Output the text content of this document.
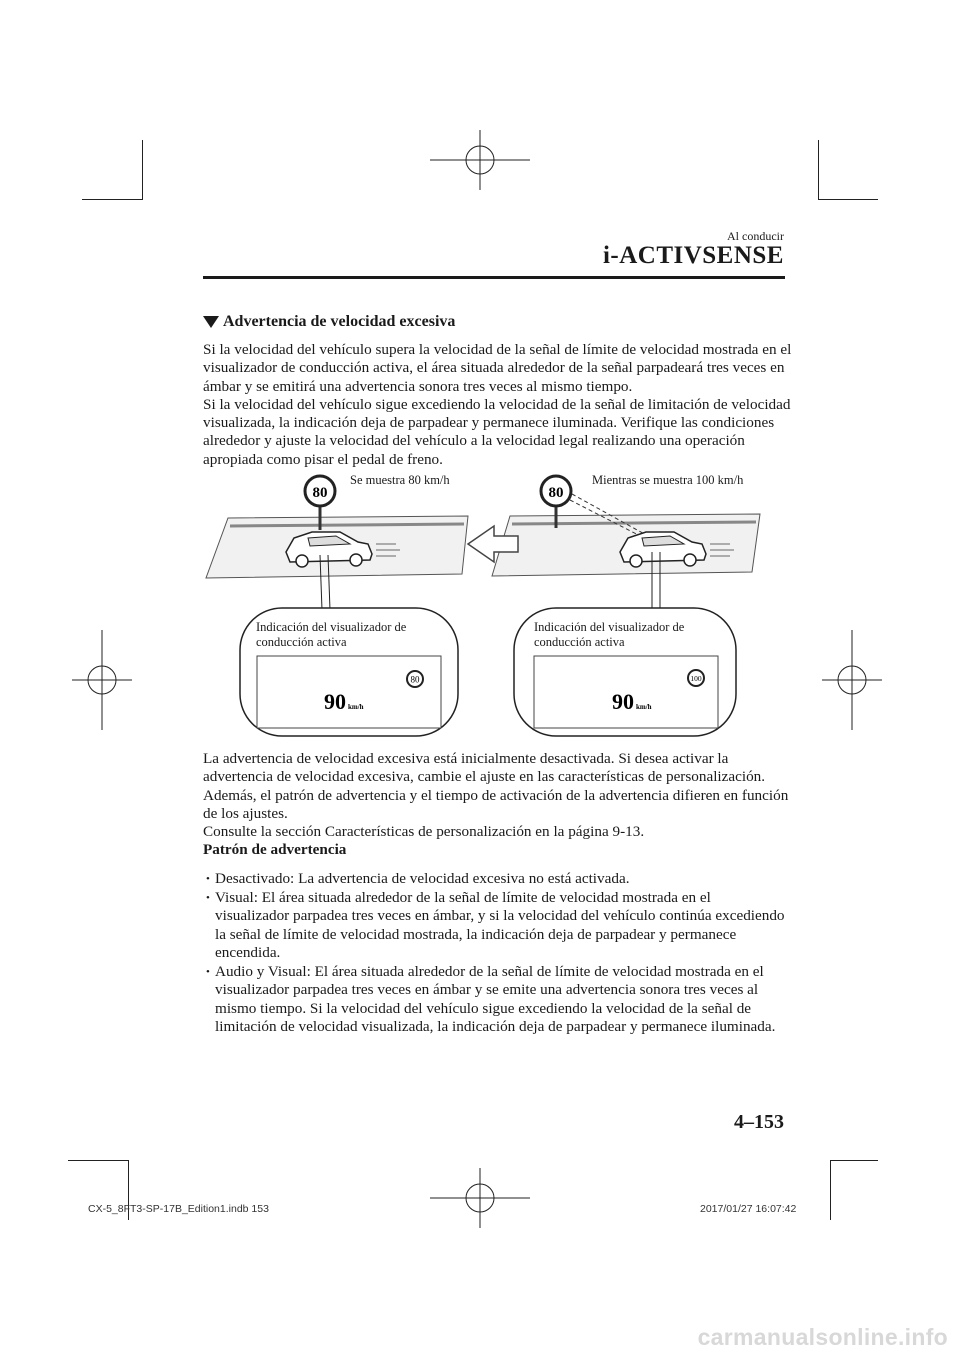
Al conducir
i-ACTIVSENSE
Advertencia de velocidad excesiva

Si la velocidad del vehículo supera la velocidad de la señal de límite de velocidad mostrada en el visualizador de conducción activa, el área situada alrededor de la señal parpadeará tres veces en ámbar y se emitirá una advertencia sonora tres veces al mismo tiempo.

Si la velocidad del vehículo sigue excediendo la velocidad de la señal de limitación de velocidad visualizada, la indicación deja de parpadear y permanece iluminada. Verifique las condiciones alrededor y ajuste la velocidad del vehículo a la velocidad legal realizando una operación apropiada como pisar el pedal de freno.

80	80
80
90 km/h
100
90 km/h
Se muestra 80 km/h	Mientras se muestra 100 km/h
Indicación del visualizador de conducción activa
Indicación del visualizador de conducción activa

La advertencia de velocidad excesiva está inicialmente desactivada. Si desea activar la advertencia de velocidad excesiva, cambie el ajuste en las características de personalización.

Además, el patrón de advertencia y el tiempo de activación de la advertencia difieren en función de los ajustes.

Consulte la sección Características de personalización en la página 9-13.

Patrón de advertencia
• Desactivado: La advertencia de velocidad excesiva no está activada.
• Visual: El área situada alrededor de la señal de límite de velocidad mostrada en el visualizador parpadea tres veces en ámbar, y si la velocidad del vehículo continúa excediendo la señal de límite de velocidad mostrada, la indicación deja de parpadear y permanece encendida.
• Audio y Visual: El área situada alrededor de la señal de límite de velocidad mostrada en el visualizador parpadea tres veces en ámbar y se emite una advertencia sonora tres veces al mismo tiempo. Si la velocidad del vehículo sigue excediendo la velocidad de la señal de limitación de velocidad visualizada, la indicación deja de parpadear y permanece iluminada.
4–153
CX-5_8FT3-SP-17B_Edition1.indb 153	2017/01/27 16:07:42
carmanualsonline.info
